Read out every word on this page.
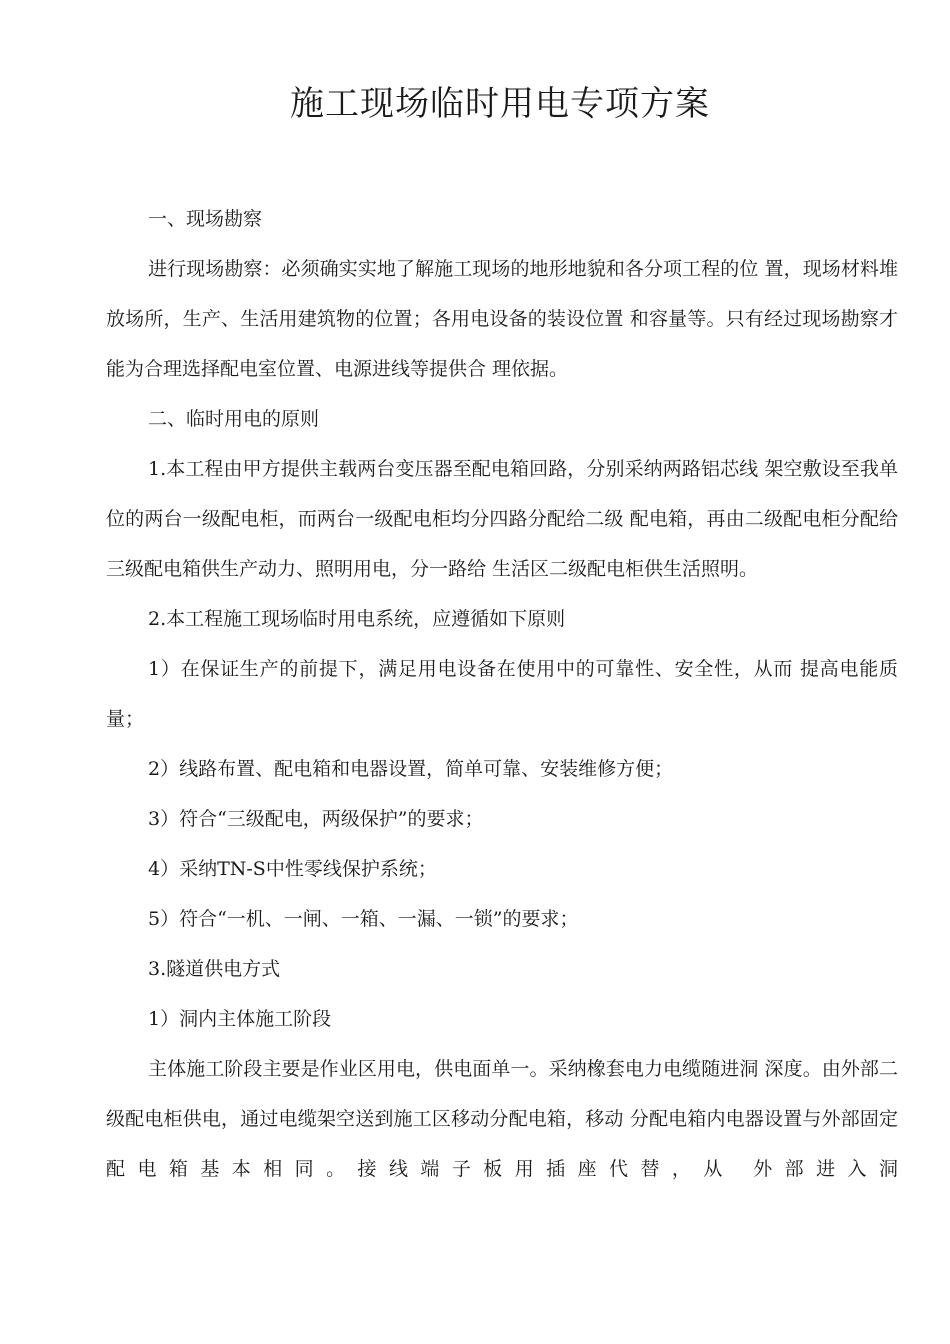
施工现场临时用电专项方案

一、现场勘察

进行现场勘察：必须确实实地了解施工现场的地形地貌和各分项工程的位 置，现场材料堆放场所，生产、生活用建筑物的位置；各用电设备的装设位置 和容量等。只有经过现场勘察才能为合理选择配电室位置、电源进线等提供合 理依据。

二、临时用电的原则

1.本工程由甲方提供主载两台变压器至配电箱回路，分别采纳两路铝芯线 架空敷设至我单位的两台一级配电柜，而两台一级配电柜均分四路分配给二级 配电箱，再由二级配电柜分配给三级配电箱供生产动力、照明用电，分一路给 生活区二级配电柜供生活照明。

2.本工程施工现场临时用电系统，应遵循如下原则

1）在保证生产的前提下，满足用电设备在使用中的可靠性、安全性，从而 提高电能质量；

2）线路布置、配电箱和电器设置，简单可靠、安装维修方便；

3）符合“三级配电，两级保护”的要求；

4）采纳TN-S中性零线保护系统；

5）符合“一机、一闸、一箱、一漏、一锁”的要求；

3.隧道供电方式

1）洞内主体施工阶段

主体施工阶段主要是作业区用电，供电面单一。采纳橡套电力电缆随进洞 深度。由外部二级配电柜供电，通过电缆架空送到施工区移动分配电箱，移动 分配电箱内电器设置与外部固定配电箱基本相同。接线端子板用插座代替，从 外部进入洞
